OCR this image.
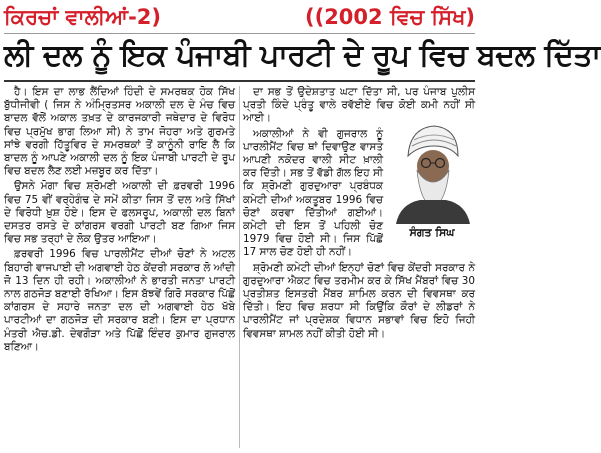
ਕਿਰਚਾਂ ਵਾਲੀਆਂ-2)	((2002 ਵਿਚ ਸਿੱਖ)
ਲੀ ਦਲ ਨੂੰ ਇਕ ਪੰਜਾਬੀ ਪਾਰਟੀ ਦੇ ਰੂਪ ਵਿਚ ਬਦਲ ਦਿੱਤਾ

ਹੈ। ਇਸ ਦਾ ਲਾਭ ਲੈਂਦਿਆਂ ਹਿੰਦੀ ਦੇ ਸਮਰਥਕ ਹੋਕ ਸਿੱਖ ਬੁੱਧੀਜੀਵੀ ( ਜਿਸ ਨੇ ਅੰਮ੍ਰਿਤਸਰ ਅਕਾਲੀ ਦਲ ਦੇ ਮੰਚ ਵਿਚ ਬਾਦਲ ਵੱਲੋਂ ਅਕਾਲ ਤਖ਼ਤ ਦੇ ਕਾਰਜਕਾਰੀ ਜਥੇਦਾਰ ਦੇ ਵਿਰੋਧ ਵਿਚ ਪ੍ਰਮੁੱਖ ਭਾਗ ਲਿਆ ਸੀ) ਨੇ ਤਾਮ ਜੋਹਰਾ ਅਤੇ ਗੁਰਮਤੇ ਸਾਂਝੇ ਵਰਗੀ ਹਿੱਤੂਵਿਰ ਦੇ ਸਮਰਥਕਾਂ ਤੋਂ ਕਾਨੂੰਨੀ ਰਾਇ ਲੈ ਕਿ ਬਾਦਲ ਨੂੰ ਆਪਣੇ ਅਕਾਲੀ ਦਲ ਨੂੰ ਇਕ ਪੰਜਾਬੀ ਪਾਰਟੀ ਦੇ ਰੂਪ ਵਿਚ ਬਦਲ ਲੈਣ ਲਈ ਮਜ਼ਬੂਰ ਕਰ ਦਿੱਤਾ।

ਉਸਨੇ ਮੋਗਾ ਵਿਚ ਸ਼੍ਰੋਮਣੀ ਅਕਾਲੀ ਦੀ ਫ਼ਰਵਰੀ 1996 ਵਿਚ 75 ਵੀਂ ਵਰ੍ਹੇਗੰਢ ਦੇ ਸਮੇਂ ਕੀਤਾ ਜਿਸ ਤੋਂ ਦਲ ਅਤੇ ਸਿੱਖਾਂ ਦੇ ਵਿਰੋਧੀ ਖ਼ੁਸ਼ ਹੋਏ। ਇਸ ਦੇ ਫਲਸਰੂਪ, ਅਕਾਲੀ ਦਲ ਬਿਨਾਂ ਦਸਤਰ ਰਸਤੇ ਦੇ ਕਾਂਗਰਸ ਵਰਗੀ ਪਾਰਟੀ ਬਣ ਗਿਆ ਜਿਸ ਵਿਚ ਸਭ ਤਰ੍ਹਾਂ ਦੇ ਲੋਕ ਉਤਰ ਆਇਆ।

ਫ਼ਰਵਰੀ 1996 ਵਿਚ ਪਾਰਲੀਮੈਂਟ ਦੀਆਂ ਚੋਣਾਂ ਨੇ ਅਟਲ ਬਿਹਾਰੀ ਵਾਜਪਾਈ ਦੀ ਅਗਵਾਈ ਹੇਠ ਕੇਂਦਰੀ ਸਰਕਾਰ ਲੋ ਆਂਦੀ ਜੋ 13 ਦਿਨ ਹੀ ਰਹੀ। ਅਕਾਲੀਆਂ ਨੇ ਭਾਰਤੀ ਜਨਤਾ ਪਾਰਟੀ ਨਾਲ ਗਠਜੋੜ ਬਣਾਈ ਰੱਖਿਆ। ਇਸ ਬੱਝਵੇਂ ਗਿਰੋ ਸਰਕਾਰ ਪਿੱਛੋਂ ਕਾਂਗਰਸ ਦੇ ਸਹਾਰੇ ਜਨਤਾ ਦਲ ਦੀ ਅਗਵਾਈ ਹੇਠ ਖੱਬੇ ਪਾਰਟੀਆਂ ਦਾ ਗਠਜੋੜ ਦੀ ਸਰਕਾਰ ਬਣੀ। ਇਸ ਦਾ ਪ੍ਰਧਾਨ ਮੰਤਰੀ ਐਚ.ਡੀ. ਦੇਵਗੌੜਾ ਅਤੇ ਪਿੱਛੋਂ ਇੰਦਰ ਕੁਮਾਰ ਗੁਜਰਾਲ ਬਣਿਆ।

ਦਾ ਸਭ ਤੋਂ ਉਦੇਸ਼ਤਾਤ ਘਟਾ ਦਿੱਤਾ ਸੀ, ਪਰ ਪੰਜਾਬ ਪੁਲੀਸ ਪ੍ਰਤੀ ਕਿੰਦੇ ਪ੍ਰੰਤੂ ਵਾਲੇ ਰਵੱਈਏ ਵਿਚ ਕੋਈ ਕਮੀ ਨਹੀਂ ਸੀ ਆਈ।

ਅਕਾਲੀਆਂ ਨੇ ਵੀ ਗੁਜਰਾਲ ਨੂੰ ਪਾਰਲੀਮੈਂਟ ਵਿਚ ਥਾਂ ਦਿਵਾਉਣ ਵਾਸਤੇ ਆਪਣੀ ਨਕੋਦਰ ਵਾਲੀ ਸੀਟ ਖ਼ਾਲੀ ਕਰ ਦਿੱਤੀ। ਸਭ ਤੋਂ ਵੱਡੀ ਗੱਲ ਇਹ ਸੀ ਕਿ ਸ਼੍ਰੋਮਣੀ ਗੁਰਦੁਆਰਾ ਪ੍ਰਬੰਧਕ ਕਮੇਟੀ ਦੀਆਂ ਅਕਤੂਬਰ 1996 ਵਿਚ ਚੋਣਾਂ ਕਰਵਾ ਦਿੱਤੀਆਂ ਗਈਆਂ। ਕਮੇਟੀ ਦੀ ਇਸ ਤੋਂ ਪਹਿਲੀ ਚੋਣ 1979 ਵਿਚ ਹੋਈ ਸੀ। ਜਿਸ ਪਿੱਛੋਂ 17 ਸਾਲ ਚੋਣ ਹੋਈ ਹੀ ਨਹੀਂ।

ਸ਼੍ਰੋਮਣੀ ਕਮੇਟੀ ਦੀਆਂ ਇਨ੍ਹਾਂ ਚੋਣਾਂ ਵਿਚ ਕੇਂਦਰੀ ਸਰਕਾਰ ਨੇ ਗੁਰਦੁਆਰਾ ਐਕਟ ਵਿਚ ਤਰਮੀਮ ਕਰ ਕੇ ਸਿੱਖ ਮੈਂਬਰਾਂ ਵਿਚ 30 ਪ੍ਰਤੀਸ਼ਤ ਇਸਤਰੀ ਮੈਂਬਰ ਸ਼ਾਮਿਲ ਕਰਨ ਦੀ ਵਿਵਸਥਾ ਕਰ ਦਿੱਤੀ। ਇਹ ਵਿਚ ਸ਼ਰਧਾ ਸੀ ਕਿਉਂਕਿ ਕੌਰਾਂ ਦੇ ਲੀਡਰਾਂ ਨੇ ਪਾਰਲੀਮੈਂਟ ਜਾਂ ਪ੍ਰਦੇਸ਼ਕ ਵਿਧਾਨ ਸਭਾਵਾਂ ਵਿਚ ਇਹੋ ਜਿਹੀ ਵਿਵਸਥਾ ਸ਼ਾਮਲ ਨਹੀਂ ਕੀਤੀ ਹੋਈ ਸੀ।

ਸੰਗਤ ਸਿਘ
